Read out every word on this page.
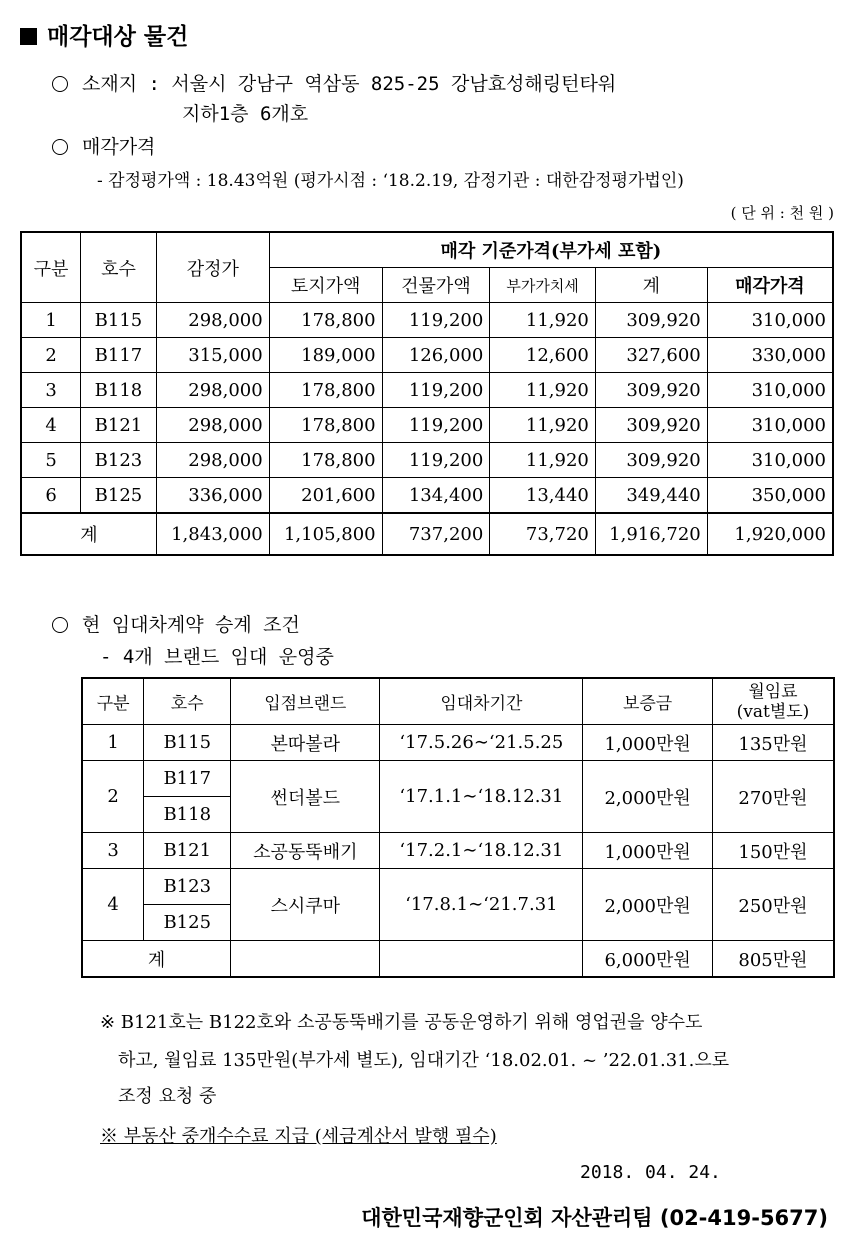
매각대상 물건
소재지 : 서울시 강남구 역삼동 825-25 강남효성해링턴타워
지하1층 6개호
매각가격
- 감정평가액 : 18.43억원 (평가시점 : ‘18.2.19, 감정기관 : 대한감정평가법인)
( 단 위 : 천 원 )
구분	호수	감정가	매각 기준가격(부가세 포함)				
			토지가액	건물가액	부가가치세	계	매각가격
1	B115	298,000	178,800	119,200	11,920	309,920	310,000
2	B117	315,000	189,000	126,000	12,600	327,600	330,000
3	B118	298,000	178,800	119,200	11,920	309,920	310,000
4	B121	298,000	178,800	119,200	11,920	309,920	310,000
5	B123	298,000	178,800	119,200	11,920	309,920	310,000
6	B125	336,000	201,600	134,400	13,440	349,440	350,000
계		1,843,000	1,105,800	737,200	73,720	1,916,720	1,920,000
현 임대차계약 승계 조건
- 4개 브랜드 임대 운영중
구분	호수	입점브랜드	임대차기간	보증금	월임료
(vat별도)
1	B115	본따볼라	‘17.5.26∼‘21.5.25	1,000만원	135만원
2	B117	썬더볼드	‘17.1.1∼‘18.12.31	2,000만원	270만원
	B118				
3	B121	소공동뚝배기	‘17.2.1∼‘18.12.31	1,000만원	150만원
4	B123	스시쿠마	‘17.8.1∼‘21.7.31	2,000만원	250만원
	B125				
계				6,000만원	805만원
※ B121호는 B122호와 소공동뚝배기를 공동운영하기 위해 영업권을 양수도
하고, 월임료 135만원(부가세 별도), 임대기간 ‘18.02.01. ~ ’22.01.31.으로
조정 요청 중
※ 부동산 중개수수료 지급 (세금계산서 발행 필수)
2018. 04. 24.
대한민국재향군인회 자산관리팀 (02-419-5677)
